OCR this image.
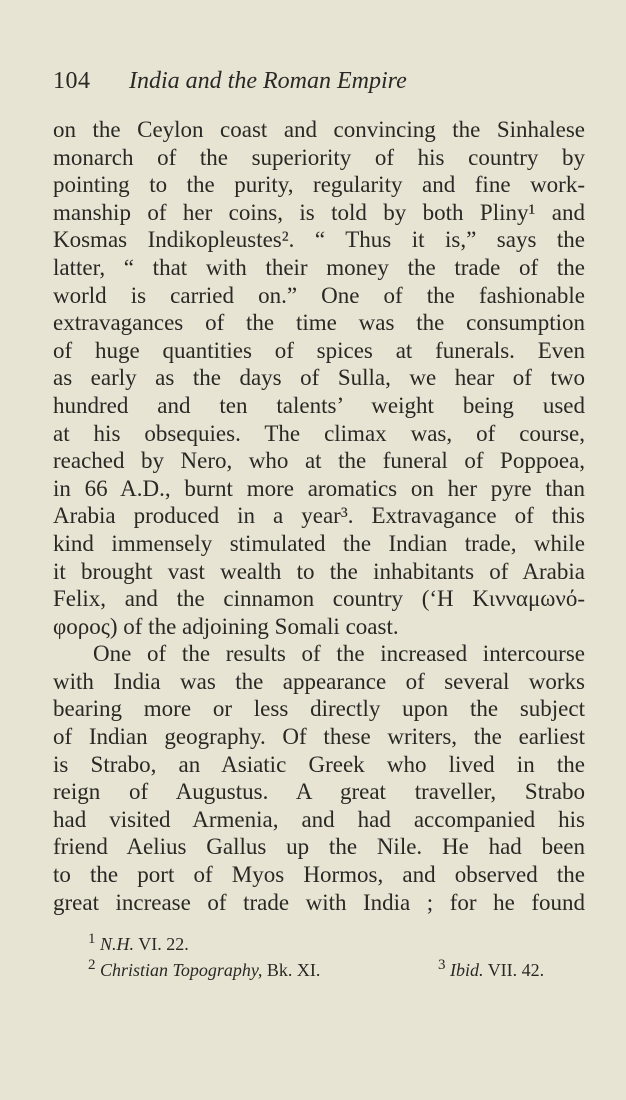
104 India and the Roman Empire
on the Ceylon coast and convincing the Sinhalese
monarch of the superiority of his country by
pointing to the purity, regularity and fine work-
manship of her coins, is told by both Pliny¹ and
Kosmas Indikopleustes². “ Thus it is,” says the
latter, “ that with their money the trade of the
world is carried on.” One of the fashionable
extravagances of the time was the consumption
of huge quantities of spices at funerals. Even
as early as the days of Sulla, we hear of two
hundred and ten talents’ weight being used
at his obsequies. The climax was, of course,
reached by Nero, who at the funeral of Poppoea,
in 66 A.D., burnt more aromatics on her pyre than
Arabia produced in a year³. Extravagance of this
kind immensely stimulated the Indian trade, while
it brought vast wealth to the inhabitants of Arabia
Felix, and the cinnamon country (‘Η Κινναμωνό-
φορος) of the adjoining Somali coast.
One of the results of the increased intercourse
with India was the appearance of several works
bearing more or less directly upon the subject
of Indian geography. Of these writers, the earliest
is Strabo, an Asiatic Greek who lived in the
reign of Augustus. A great traveller, Strabo
had visited Armenia, and had accompanied his
friend Aelius Gallus up the Nile. He had been
to the port of Myos Hormos, and observed the
great increase of trade with India ; for he found
$^1$ N.H. VI. 22.
$^2$ Christian Topography, Bk. XI.	$^3$ Ibid. VII. 42.
